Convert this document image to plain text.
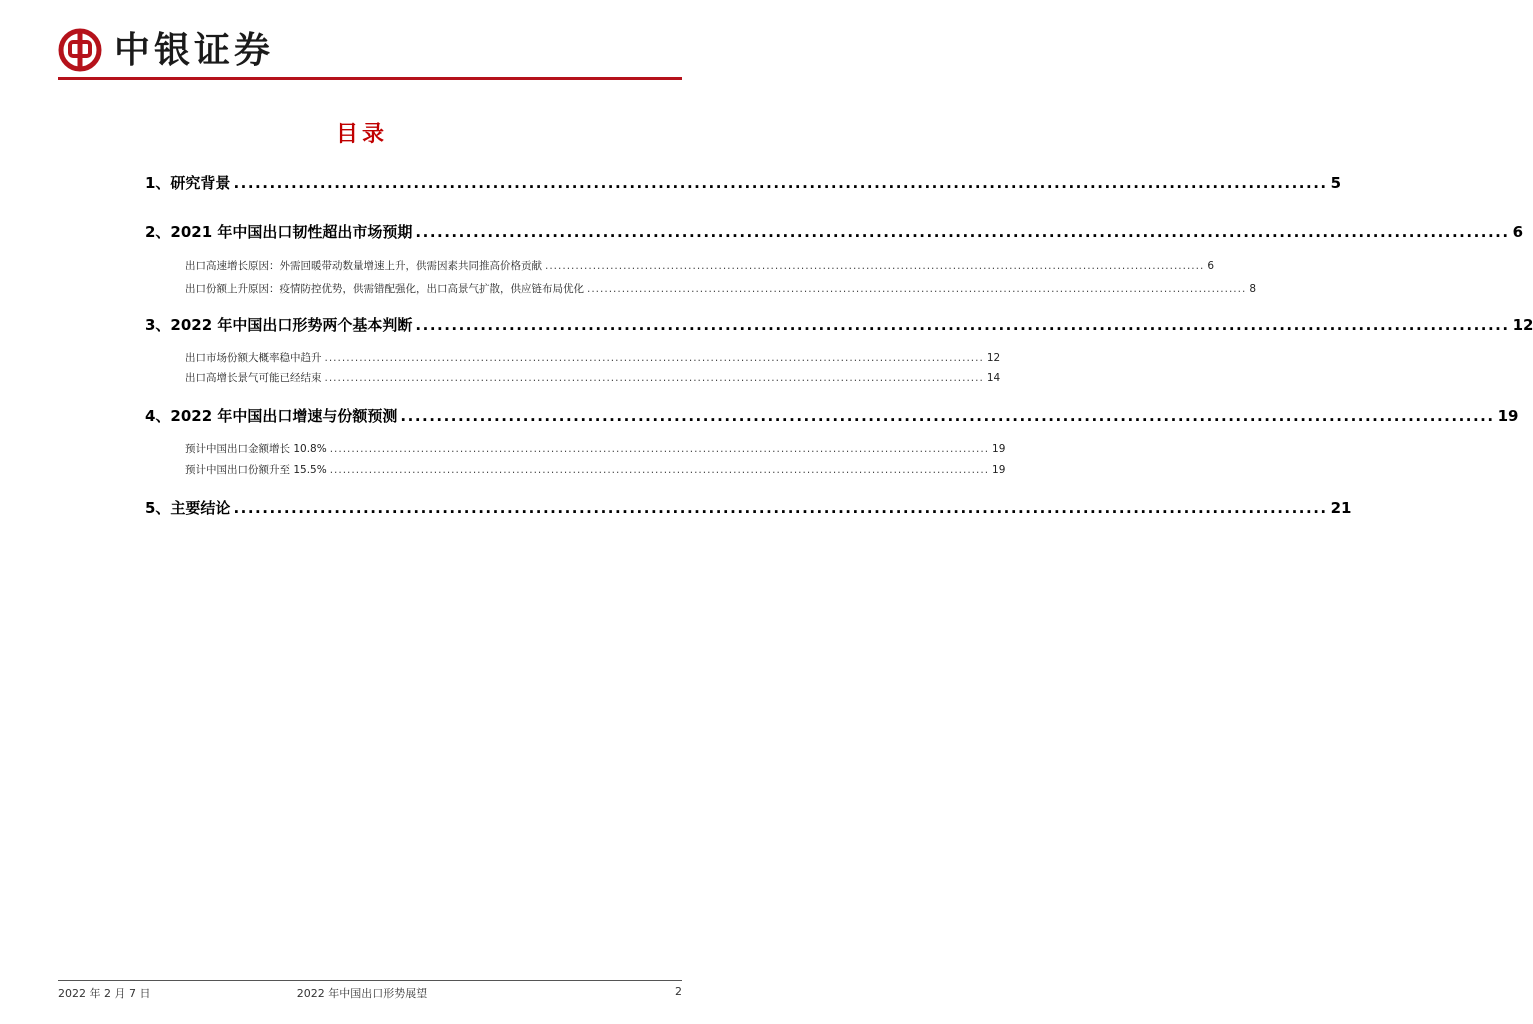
中银证券
目录
1、研究背景 ........................................................................................................................................................ 5
2、2021 年中国出口韧性超出市场预期 ........................................................................................................................................................ 6
出口高速增长原因：外需回暖带动数量增速上升，供需因素共同推高价格贡献 ........................................................................................................................................................ 6
出口份额上升原因：疫情防控优势，供需错配强化，出口高景气扩散，供应链布局优化 ........................................................................................................................................................ 8
3、2022 年中国出口形势两个基本判断 ........................................................................................................................................................ 12
出口市场份额大概率稳中趋升 ........................................................................................................................................................ 12
出口高增长景气可能已经结束 ........................................................................................................................................................ 14
4、2022 年中国出口增速与份额预测 ........................................................................................................................................................ 19
预计中国出口金额增长 10.8% ........................................................................................................................................................ 19
预计中国出口份额升至 15.5% ........................................................................................................................................................ 19
5、主要结论 ........................................................................................................................................................ 21
2022 年 2 月 7 日	2022 年中国出口形势展望	2
